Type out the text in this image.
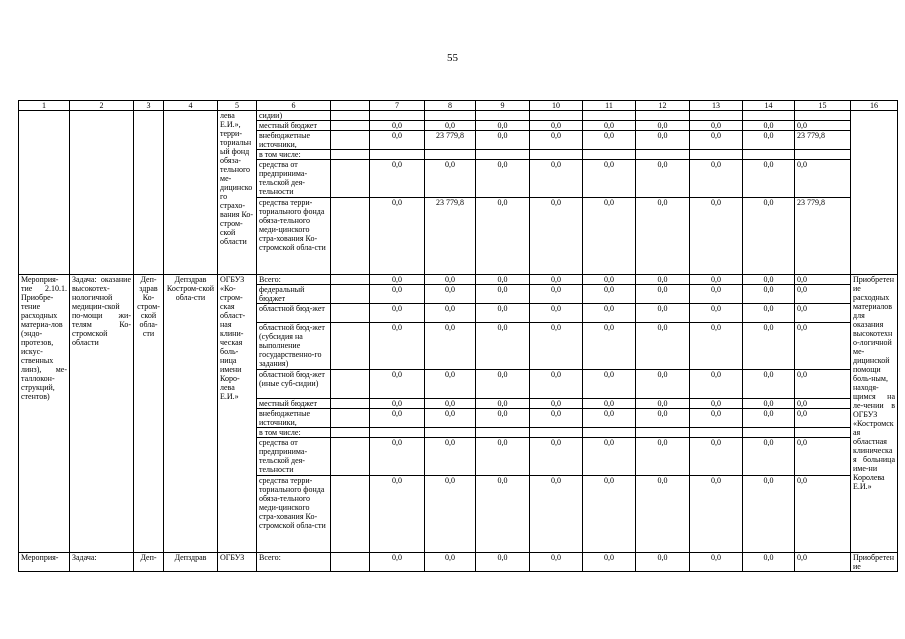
55
1	2	3	4	5	6		7	8	9	10	11	12	13	14	15	16
				лева Е.И.», терри-ториальный фонд обяза-тельного ме-дицинского страхо-вания Ко-стром-ской области	сидии)											
					местный бюджет		0,0	0,0	0,0	0,0	0,0	0,0	0,0	0,0	0,0	
					внебюджетные источники,		0,0	23 779,8	0,0	0,0	0,0	0,0	0,0	0,0	23 779,8	
					в том числе:											
					средства от предпринима-тельской дея-тельности		0,0	0,0	0,0	0,0	0,0	0,0	0,0	0,0	0,0	
					средства терри-ториального фонда обяза-тельного меди-цинского стра-хования Ко-стромской обла-сти		0,0	23 779,8	0,0	0,0	0,0	0,0	0,0	0,0	23 779,8	
Мероприя-тие 2.10.1. Приобре-тение расходных материа-лов (эндо-протезов, искус-ственных линз), ме-таллокон-струкций, стентов)	Задача: оказание высокотех-нологичной медицин-ской по-мощи жи-телям Ко-стромской области	Деп-здрав Ко-стром-ской обла-сти	Депздрав Костром-ской обла-сти	ОГБУЗ «Ко-стром-ская област-ная клини-ческая боль-ница имени Коро-лева Е.И.»	Всего:		0,0	0,0	0,0	0,0	0,0	0,0	0,0	0,0	0,0	Приобретение расходных материалов для оказания высокотехно-логичной ме-дицинской помощи боль-ным, находя-щимся на ле-чении в ОГБУЗ «Костромская областная клиническая больница име-ни Королева Е.И.»
					федеральный бюджет		0,0	0,0	0,0	0,0	0,0	0,0	0,0	0,0	0,0	
					областной бюд-жет		0,0	0,0	0,0	0,0	0,0	0,0	0,0	0,0	0,0	
					областной бюд-жет (субсидия на выполнение государственно-го задания)		0,0	0,0	0,0	0,0	0,0	0,0	0,0	0,0	0,0	
					областной бюд-жет (иные суб-сидии)		0,0	0,0	0,0	0,0	0,0	0,0	0,0	0,0	0,0	
					местный бюджет		0,0	0,0	0,0	0,0	0,0	0,0	0,0	0,0	0,0	
					внебюджетные источники,		0,0	0,0	0,0	0,0	0,0	0,0	0,0	0,0	0,0	
					в том числе:											
					средства от предпринима-тельской дея-тельности		0,0	0,0	0,0	0,0	0,0	0,0	0,0	0,0	0,0	
					средства терри-ториального фонда обяза-тельного меди-цинского стра-хования Ко-стромской обла-сти		0,0	0,0	0,0	0,0	0,0	0,0	0,0	0,0	0,0	
Мероприя-	Задача:	Деп-	Депздрав	ОГБУЗ	Всего:		0,0	0,0	0,0	0,0	0,0	0,0	0,0	0,0	0,0	Приобретение
